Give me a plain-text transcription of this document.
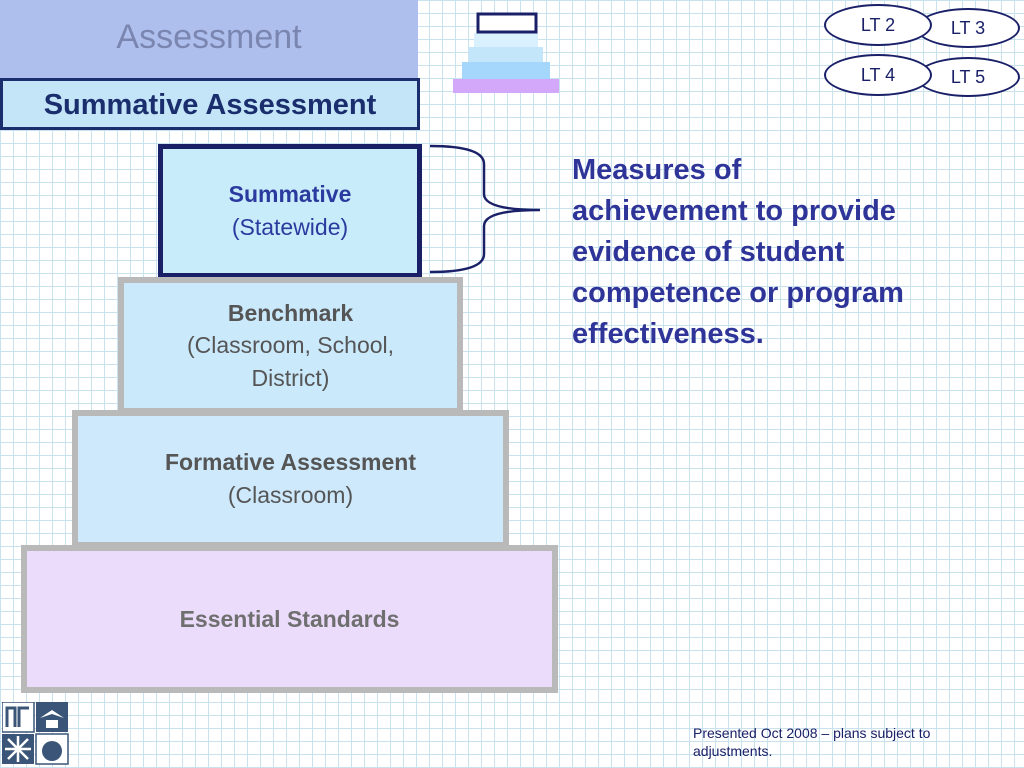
Assessment
Summative Assessment
LT 3
LT 2
LT 5
LT 4
Summative
(Statewide)
Benchmark
(Classroom, School, District)
Formative Assessment
(Classroom)
Essential Standards
Measures of achievement to provide evidence of student competence or program effectiveness.
Presented Oct 2008 – plans subject to adjustments.
